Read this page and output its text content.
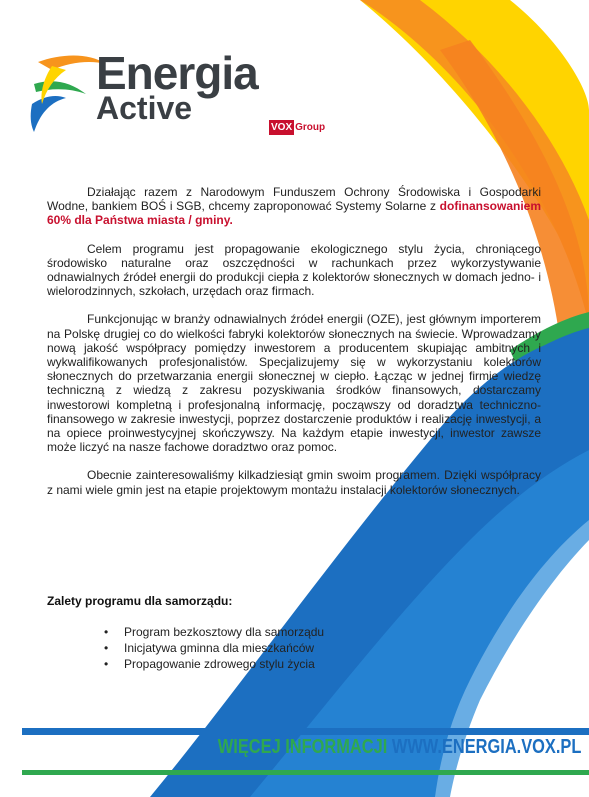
Energia
Active
VOX Group

Działając razem z Narodowym Funduszem Ochrony Środowiska i Gospodarki Wodne, bankiem BOŚ i SGB, chcemy zaproponować Systemy Solarne z dofinansowaniem 60% dla Państwa miasta / gminy.

Celem programu jest propagowanie ekologicznego stylu życia, chroniącego środowisko naturalne oraz oszczędności w rachunkach przez wykorzystywanie odnawialnych źródeł energii do produkcji ciepła z kolektorów słonecznych w domach jedno- i wielorodzinnych, szkołach, urzędach oraz firmach.

Funkcjonując w branży odnawialnych źródeł energii (OZE), jest głównym importerem na Polskę drugiej co do wielkości fabryki kolektorów słonecznych na świecie. Wprowadzamy nową jakość współpracy pomiędzy inwestorem a producentem skupiając ambitnych i wykwalifikowanych profesjonalistów. Specjalizujemy się w wykorzystaniu kolektorów słonecznych do przetwarzania energii słonecznej w ciepło. Łącząc w jednej firmie wiedzę techniczną z wiedzą z zakresu pozyskiwania środków finansowych, dostarczamy inwestorowi kompletną i profesjonalną informację, począwszy od doradztwa techniczno-finansowego w zakresie inwestycji, poprzez dostarczenie produktów i realizację inwestycji, a na opiece proinwestycyjnej skończywszy. Na każdym etapie inwestycji, inwestor zawsze może liczyć na nasze fachowe doradztwo oraz pomoc.

Obecnie zainteresowaliśmy kilkadziesiąt gmin swoim programem. Dzięki współpracy z nami wiele gmin jest na etapie projektowym montażu instalacji kolektorów słonecznych.

Zalety programu dla samorządu:
• Program bezkosztowy dla samorządu
• Inicjatywa gminna dla mieszkańców
• Propagowanie zdrowego stylu życia
WIĘCEJ INFORMACJI WWW.ENERGIA.VOX.PL
